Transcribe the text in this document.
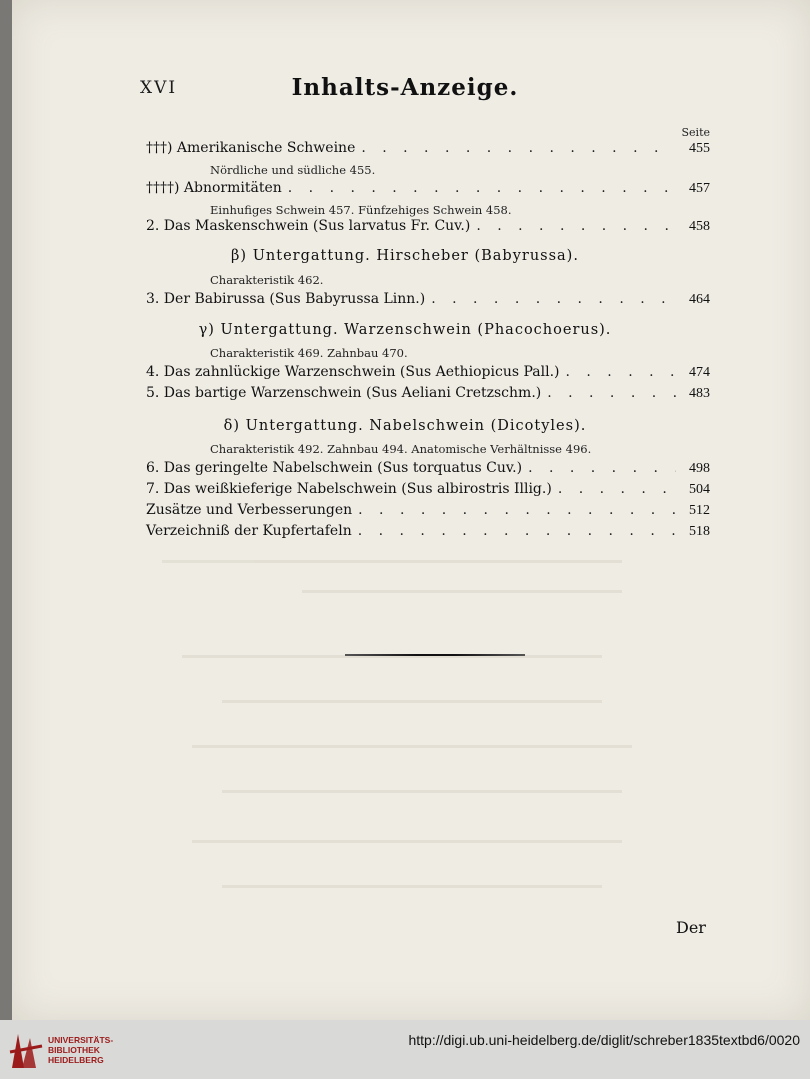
XVI	Inhalts-Anzeige.
Seite
†††) Amerikanische Schweine . . .	455
Nördliche und südliche 455.
††††) Abnormitäten . . .	457
Einhufiges Schwein 457. Fünfzehiges Schwein 458.
2. Das Maskenschwein (Sus larvatus Fr. Cuv.) . . .	458
β) Untergattung. Hirscheber (Babyrussa).
Charakteristik 462.
3. Der Babirussa (Sus Babyrussa Linn.) . . .	464
γ) Untergattung. Warzenschwein (Phacochoerus).
Charakteristik 469. Zahnbau 470.
4. Das zahnlückige Warzenschwein (Sus Aethiopicus Pall.) . . .	474
5. Das bartige Warzenschwein (Sus Aeliani Cretzschm.) . . .	483
δ) Untergattung. Nabelschwein (Dicotyles).
Charakteristik 492. Zahnbau 494. Anatomische Verhältnisse 496.
6. Das geringelte Nabelschwein (Sus torquatus Cuv.) . . .	498
7. Das weißkieferige Nabelschwein (Sus albirostris Illig.) . . .	504
Zusätze und Verbesserungen . . .	512
Verzeichniß der Kupfertafeln . . .	518
Der
UNIVERSITÄTS-
BIBLIOTHEK
HEIDELBERG
http://digi.ub.uni-heidelberg.de/diglit/schreber1835textbd6/0020
